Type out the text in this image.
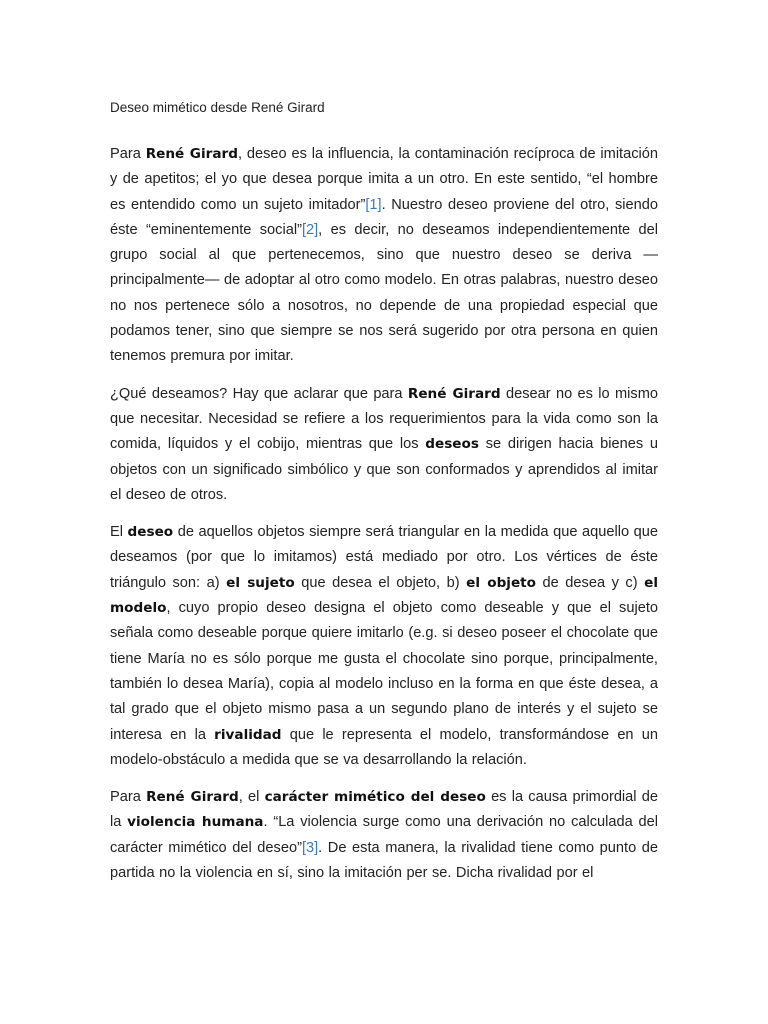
Deseo mimético desde René Girard

Para René Girard, deseo es la influencia, la contaminación recíproca de imitación y de apetitos; el yo que desea porque imita a un otro. En este sentido, “el hombre es entendido como un sujeto imitador”[1]. Nuestro deseo proviene del otro, siendo éste “eminentemente social”[2], es decir, no deseamos independientemente del grupo social al que pertenecemos, sino que nuestro deseo se deriva —principalmente— de adoptar al otro como modelo. En otras palabras, nuestro deseo no nos pertenece sólo a nosotros, no depende de una propiedad especial que podamos tener, sino que siempre se nos será sugerido por otra persona en quien tenemos premura por imitar.

¿Qué deseamos? Hay que aclarar que para René Girard desear no es lo mismo que necesitar. Necesidad se refiere a los requerimientos para la vida como son la comida, líquidos y el cobijo, mientras que los deseos se dirigen hacia bienes u objetos con un significado simbólico y que son conformados y aprendidos al imitar el deseo de otros.

El deseo de aquellos objetos siempre será triangular en la medida que aquello que deseamos (por que lo imitamos) está mediado por otro. Los vértices de éste triángulo son: a) el sujeto que desea el objeto, b) el objeto de desea y c) el modelo, cuyo propio deseo designa el objeto como deseable y que el sujeto señala como deseable porque quiere imitarlo (e.g. si deseo poseer el chocolate que tiene María no es sólo porque me gusta el chocolate sino porque, principalmente, también lo desea María), copia al modelo incluso en la forma en que éste desea, a tal grado que el objeto mismo pasa a un segundo plano de interés y el sujeto se interesa en la rivalidad que le representa el modelo, transformándose en un modelo-obstáculo a medida que se va desarrollando la relación.

Para René Girard, el carácter mimético del deseo es la causa primordial de la violencia humana. “La violencia surge como una derivación no calculada del carácter mimético del deseo”[3]. De esta manera, la rivalidad tiene como punto de partida no la violencia en sí, sino la imitación per se. Dicha rivalidad por el
